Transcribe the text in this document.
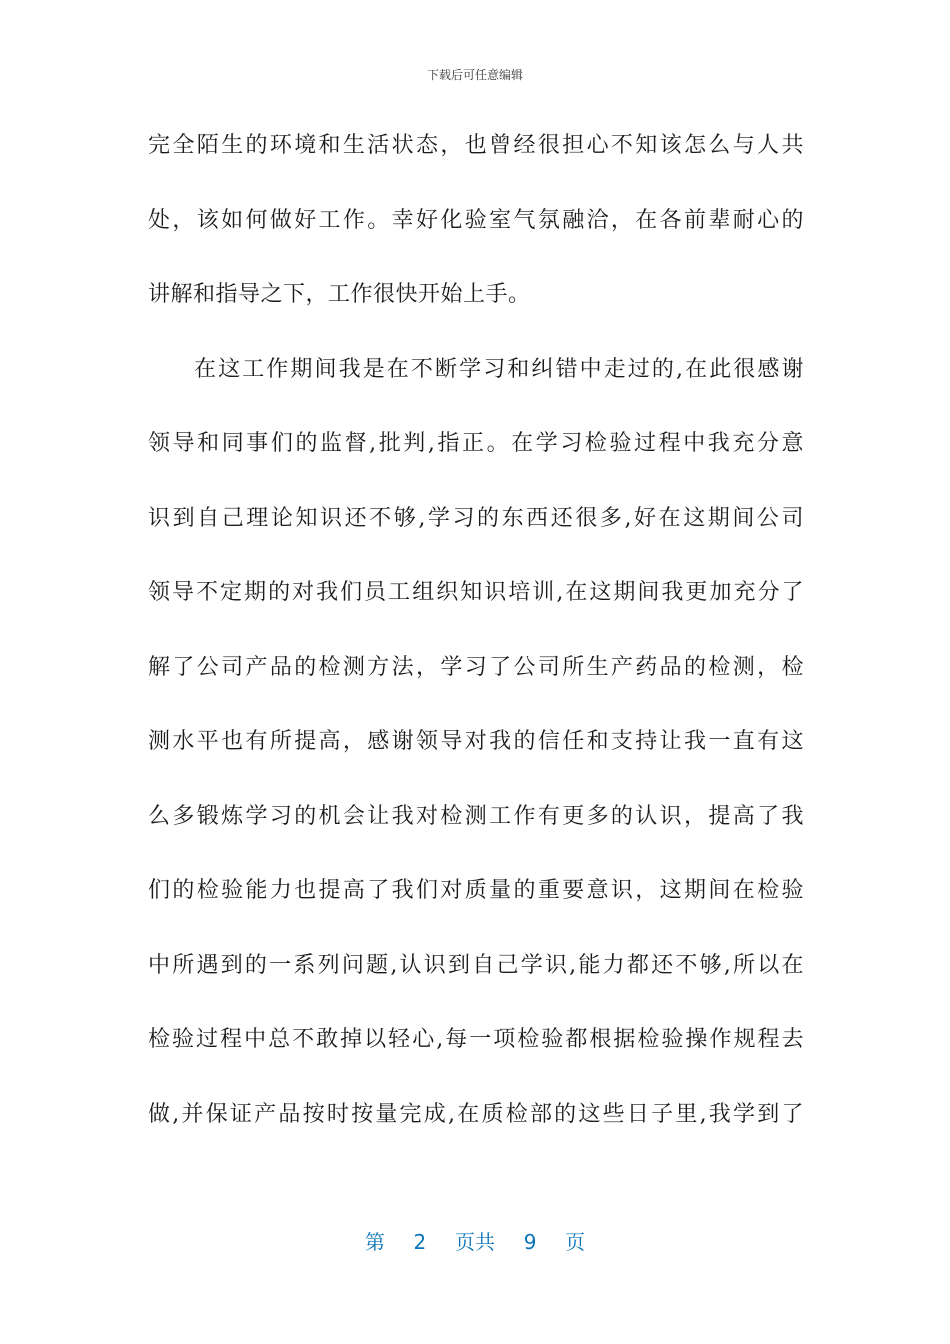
下载后可任意编辑
完全陌生的环境和生活状态，也曾经很担心不知该怎么与人共
处，该如何做好工作。幸好化验室气氛融洽，在各前辈耐心的
讲解和指导之下，工作很快开始上手。
在这工作期间我是在不断学习和纠错中走过的,在此很感谢
领导和同事们的监督,批判,指正。在学习检验过程中我充分意
识到自己理论知识还不够,学习的东西还很多,好在这期间公司
领导不定期的对我们员工组织知识培训,在这期间我更加充分了
解了公司产品的检测方法，学习了公司所生产药品的检测，检
测水平也有所提高，感谢领导对我的信任和支持让我一直有这
么多锻炼学习的机会让我对检测工作有更多的认识，提高了我
们的检验能力也提高了我们对质量的重要意识，这期间在检验
中所遇到的一系列问题,认识到自己学识,能力都还不够,所以在
检验过程中总不敢掉以轻心,每一项检验都根据检验操作规程去
做,并保证产品按时按量完成,在质检部的这些日子里,我学到了
第 2 页共 9 页
